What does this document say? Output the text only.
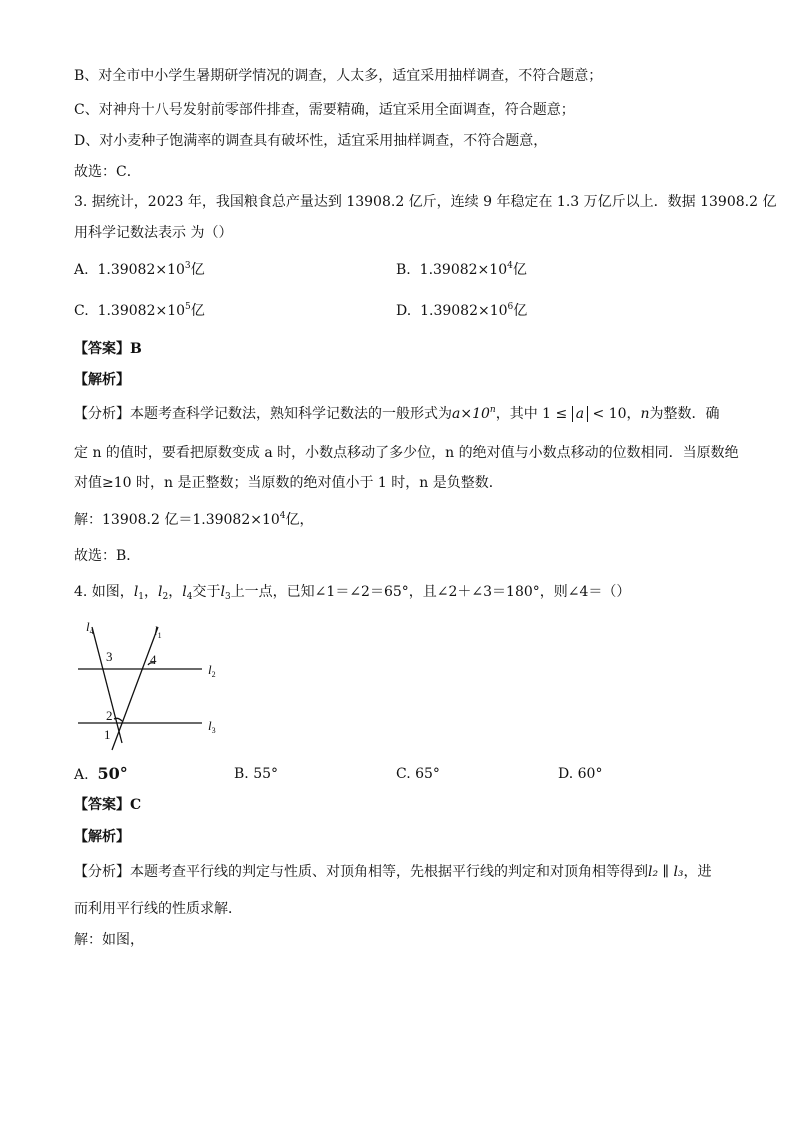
B、对全市中小学生暑期研学情况的调查，人太多，适宜采用抽样调查，不符合题意；
C、对神舟十八号发射前零部件排查，需要精确，适宜采用全面调查，符合题意；
D、对小麦种子饱满率的调查具有破坏性，适宜采用抽样调查，不符合题意，
故选：C．
3. 据统计，2023 年，我国粮食总产量达到 13908.2 亿斤，连续 9 年稳定在 1.3 万亿斤以上．数据 13908.2 亿
用科学记数法表示 为（）
A. $1.39082\times 10^3$亿	B. $1.39082\times 10^4$亿
C. $1.39082\times 10^5$亿	D. $1.39082\times 10^6$亿
【答案】B
【解析】
【分析】本题考查科学记数法，熟知科学记数法的一般形式为$a\times 10^n$，其中 1 ≤ a < 10，n为整数．确
定 n 的值时，要看把原数变成 a 时，小数点移动了多少位，n 的绝对值与小数点移动的位数相同．当原数绝
对值≥10 时，n 是正整数；当原数的绝对值小于 1 时，n 是负整数．
解：13908.2 亿$=1.39082\times 10^4$亿，
故选：B．
4. 如图，$l_1$，$l_2$，$l_4$交于$l_3$上一点，已知∠1＝∠2＝65°，且∠2＋∠3＝180°，则∠4＝（）
$l_4$	$l_1$
$l_2$
$l_3$
3	4
2
1
A. 50°	B. 55°	C. 65°	D. 60°
【答案】C
【解析】
【分析】本题考查平行线的判定与性质、对顶角相等，先根据平行线的判定和对顶角相等得到l₂ ∥ l₃，进
而利用平行线的性质求解．
解：如图，
